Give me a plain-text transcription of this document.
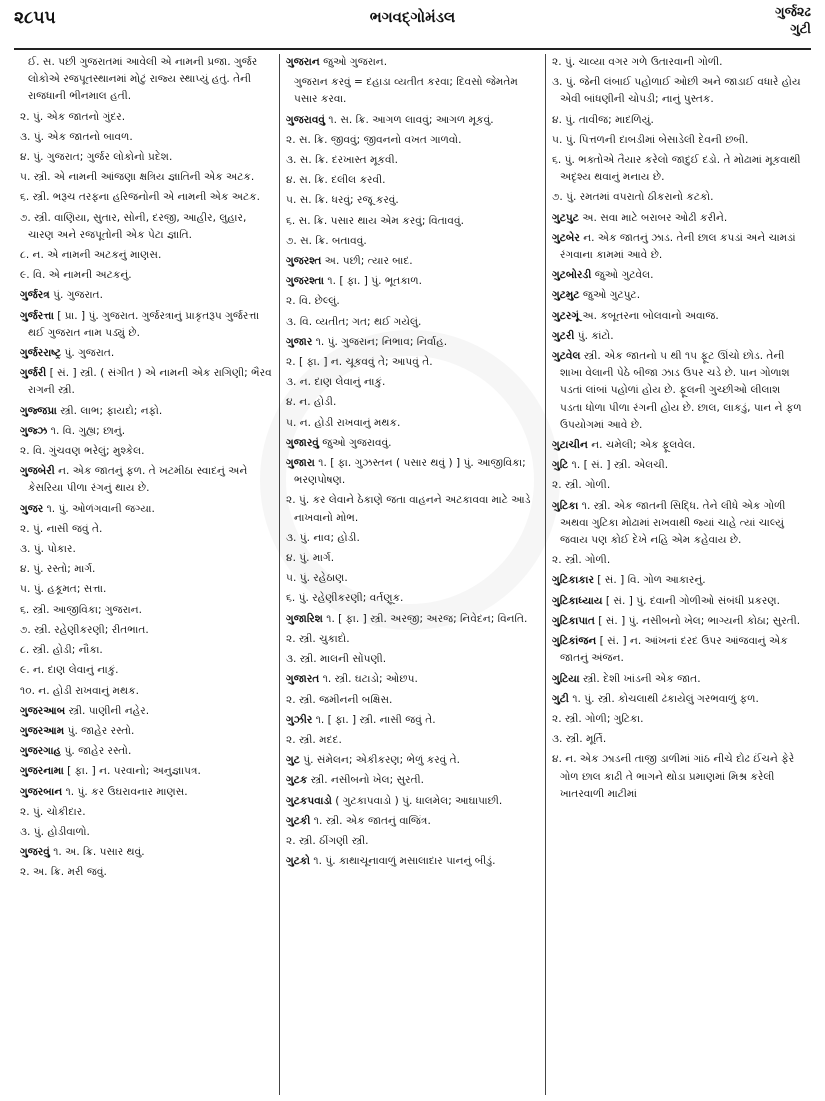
૨૮૫૫	ભગવદ્ગોમંડલ	ગુર્જ૨ઢ
ગુટી

ઈ. સ. પછી ગુજરાતમાં આવેલી એ નામની પ્રજા. ગુર્જર લોકોએ રજપૂતસ્થાનમાં મોટું રાજ્ય સ્થાપ્યું હતું. તેની રાજધાની ભીનમાલ હતી.

૨. પું. એક જાતનો ગુંદર.

૩. પું. એક જાતનો બાવળ.

૪. પું. ગુજરાત; ગુર્જર લોકોનો પ્રદેશ.

૫. સ્ત્રી. એ નામની આંજણા ક્ષત્રિય જ્ઞાતિની એક અટક.

૬. સ્ત્રી. ભરૂચ તરફના હરિજનોની એ નામની એક અટક.

૭. સ્ત્રી. વાણિયા, સુતાર, સોની, દરજી, આહીર, લુહાર, ચારણ અને રજપૂતોની એક પેટા જ્ઞાતિ.

૮. ન. એ નામની અટકનું માણસ.

૯. વિ. એ નામની અટકનું.

ગુર્જરત્ર પું. ગુજરાત.

ગુર્જરત્તા [ પ્રા. ] પું. ગુજરાત. ગુર્જરત્રાનું પ્રાકૃતરૂપ ગુર્જરત્તા થઈ ગુજરાત નામ પડ્યું છે.

ગુર્જરરાષ્ટ્ર પું. ગુજરાત.

ગુર્જરી [ સં. ] સ્ત્રી. ( સંગીત ) એ નામની એક રાગિણી; ભૈરવ રાગની સ્ત્રી.

ગુજ્જપ્રા સ્ત્રી. લાભ; ફાયદો; નફો.

ગુજ્ઝ ૧. વિ. ગુહ્ય; છાનું.

૨. વિ. ગુંચવણ ભરેલું; મુશ્કેલ.

ગુજબેરી ન. એક જાતનું ફળ. તે ખટમીઠા સ્વાદનું અને કેસરિયા પીળા રંગનું થાય છે.

ગુજર ૧. પું. ઓળંગવાની જગ્યા.

૨. પું. નાસી જવું તે.

૩. પું. પોકાર.

૪. પું. રસ્તો; માર્ગ.

૫. પું. હકૂમત; સત્તા.

૬. સ્ત્રી. આજીવિકા; ગુજરાન.

૭. સ્ત્રી. રહેણીકરણી; રીતભાત.

૮. સ્ત્રી. હોડી; નૌકા.

૯. ન. દાણ લેવાનું નાકું.

૧૦. ન. હોડી રાખવાનું મથક.

ગુજરઆબ સ્ત્રી. પાણીની નહેર.

ગુજરઆમ પું. જાહેર રસ્તો.

ગુજરગાહ પું. જાહેર રસ્તો.

ગુજરનામા [ ફા. ] ન. પરવાનો; અનુજ્ઞાપત્ર.

ગુજરબાન ૧. પું. કર ઉઘરાવનાર માણસ.

૨. પું. ચોકીદાર.

૩. પું. હોડીવાળો.

ગુજરવું ૧. અ. ક્રિ. પસાર થવું.

૨. અ. ક્રિ. મરી જવું.

ગુજરાન જુઓ ગુજરાન.

ગુજરાન કરવું = દહાડા વ્યતીત કરવા; દિવસો જેમતેમ પસાર કરવા.

ગુજરાવવું ૧. સ. ક્રિ. આગળ લાવવું; આગળ મૂકવું.

૨. સ. ક્રિ. જીવવું; જીવનનો વખત ગાળવો.

૩. સ. ક્રિ. દરખાસ્ત મૂકવી.

૪. સ. ક્રિ. દલીલ કરવી.

૫. સ. ક્રિ. ધરવું; રજૂ કરવું.

૬. સ. ક્રિ. પસાર થાય એમ કરવું; વિતાવવું.

૭. સ. ક્રિ. બતાવવું.

ગુજરશ્ત અ. પછી; ત્યાર બાદ.

ગુજરશ્તા ૧. [ ફા. ] પું. ભૂતકાળ.

૨. વિ. છેલ્લું.

૩. વિ. વ્યતીત; ગત; થઈ ગયેલું.

ગુજાર ૧. પું. ગુજરાન; નિભાવ; નિર્વાહ.

૨. [ ફા. ] ન. ચૂકવવું તે; આપવું તે.

૩. ન. દાણ લેવાનું નાકું.

૪. ન. હોડી.

૫. ન. હોડી રાખવાનું મથક.

ગુજારવું જુઓ ગુજરાવવું.

ગુજારા ૧. [ ફા. ગુઝસ્તન ( પસાર થવું ) ] પું. આજીવિકા; ભરણપોષણ.

૨. પું. કર લેવાને ઠેકાણે જતા વાહનને અટકાવવા માટે આડે નાખવાનો મોભ.

૩. પું. નાવ; હોડી.

૪. પું. માર્ગ.

૫. પું. રહેઠાણ.

૬. પું. રહેણીકરણી; વર્તણૂક.

ગુજારિશ ૧. [ ફા. ] સ્ત્રી. અરજી; અરજ; નિવેદન; વિનતિ.

૨. સ્ત્રી. ચુકાદો.

૩. સ્ત્રી. માલની સોંપણી.

ગુજારત ૧. સ્ત્રી. ઘટાડો; ઓછપ.

૨. સ્ત્રી. જમીનની બક્ષિસ.

ગુઝીર ૧. [ ફા. ] સ્ત્રી. નાસી જવું તે.

૨. સ્ત્રી. મદદ.

ગુટ પું. સંમેલન; એકીકરણ; ભેળું કરવું તે.

ગુટક સ્ત્રી. નસીબનો ખેલ; સુરતી.

ગુટકપવાડો ( ગુટકાપવાડો ) પું. ધાલમેલ; આઘાપાછી.

ગુટકી ૧. સ્ત્રી. એક જાતનું વાજિંત્ર.

૨. સ્ત્રી. ઠીંગણી સ્ત્રી.

ગુટકો ૧. પું. કાથાચૂનાવાળું મસાલાદાર પાનનું બીડું.

૨. પું. ચાવ્યા વગર ગળે ઉતારવાની ગોળી.

૩. પું. જેની લંબાઈ પહોળાઈ ઓછી અને જાડાઈ વધારે હોય એવી બાંધણીની ચોપડી; નાનું પુસ્તક.

૪. પું. તાવીજ; માદળિયું.

૫. પું. પિત્તળની દાબડીમાં બેસાડેલી દેવની છબી.

૬. પું. ભક્તોએ તૈયાર કરેલો જાદુઈ દડો. તે મોઢામાં મૂકવાથી અદૃશ્ય થવાનું મનાય છે.

૭. પું. રમતમાં વપરાતો ઠીકરાનો કટકો.

ગુટપુટ અ. સવા માટે બરાબર ઓઢી કરીને.

ગુટબેર ન. એક જાતનું ઝાડ. તેની છાલ કપડાં અને ચામડાં રંગવાના કામમાં આવે છે.

ગુટબોરડી જુઓ ગુટવેલ.

ગુટમુટ જુઓ ગુટપુટ.

ગુટરગૂં અ. કબૂતરના બોલવાનો અવાજ.

ગુટરી પું. કાંટો.

ગુટવેલ સ્ત્રી. એક જાતનો ૫ થી ૧૫ ફૂટ ઊંચો છોડ. તેની શાખા વેલાની પેઠે બીજા ઝાડ ઉપર ચડે છે. પાન ગોળાશ પડતાં લાંબાં પહોળાં હોય છે. ફૂલની ગુચ્છીઓ લીલાશ પડતા ધોળા પીળા રંગની હોય છે. છાલ, લાકડું, પાન ને ફળ ઉપયોગમાં આવે છે.

ગુટાચીન ન. ચમેલી; એક ફૂલવેલ.

ગુટિ ૧. [ સં. ] સ્ત્રી. એલચી.

૨. સ્ત્રી. ગોળી.

ગુટિકા ૧. સ્ત્રી. એક જાતની સિદ્ધિ. તેને લીધે એક ગોળી અથવા ગુટિકા મોઢામાં રાખવાથી જ્યાં ચાહે ત્યાં ચાલ્યું જવાય પણ કોઈ દેખે નહિ એમ કહેવાય છે.

૨. સ્ત્રી. ગોળી.

ગુટિકાકાર [ સં. ] વિ. ગોળ આકારનું.

ગુટિકાધ્યાય [ સં. ] પું. દવાની ગોળીઓ સંબંધી પ્રકરણ.

ગુટિકાપાત [ સં. ] પું. નસીબનો ખેલ; ભાગ્યની કોઠા; સુરતી.

ગુટિકાંજન [ સં. ] ન. આંખનાં દરદ ઉપર આંજવાનું એક જાતનું અંજન.

ગુટિયા સ્ત્રી. દેશી ખાંડની એક જાત.

ગુટી ૧. પું. સ્ત્રી. કોચલાથી ઢંકાયેલું ગરભવાળું ફળ.

૨. સ્ત્રી. ગોળી; ગુટિકા.

૩. સ્ત્રી. મૂર્તિ.

૪. ન. એક ઝાડની તાજી ડાળીમાં ગાંઠ નીચે દોઢ ઈંચને ફેરે ગોળ છાલ કાઢી તે ભાગને થોડા પ્રમાણમાં મિશ્ર કરેલી ખાતરવાળી માટીમાં
